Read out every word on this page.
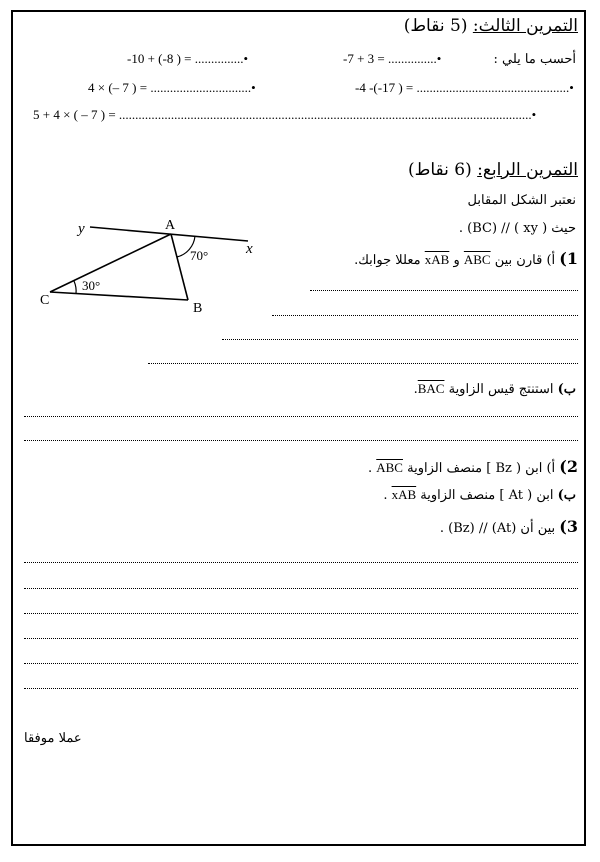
التمرين الثالث: (5 نقاط)
أحسب ما يلي :
-7 + 3 = ...............•
-10 + (-8 ) = ...............•
-4 -(-17 ) = ...............................................•
4 × (– 7 ) = ...............................•
5 + 4 × ( – 7 ) = ...............................................................................................................................•
التمرين الرابع: (6 نقاط)
نعتبر الشكل المقابل
حيث ( xy ) // (BC) .
1) أ) قارن بين ABC و xAB معللا جوابك.
ب) استنتج قيس الزاوية BAC.
2) أ) ابن ( Bz ] منصف الزاوية ABC .
ب) ابن ( At ] منصف الزاوية xAB .
3) بين أن (At) // (Bz) .
عملا موفقا
y
x
A
B
C
70°
30°
